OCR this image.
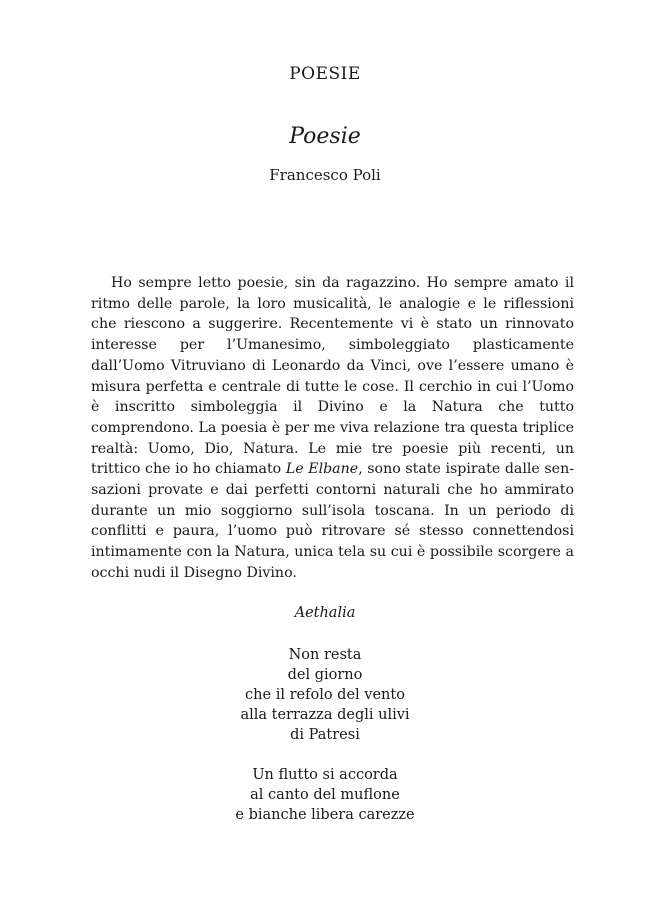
POESIE
Poesie
Francesco Poli

Ho sempre letto poesie, sin da ragazzino. Ho sempre amato il ritmo delle parole, la loro musicalità, le analogie e le riflessioni che riescono a suggerire. Recentemente vi è stato un rinnovato interesse per l’Umanesimo, simboleggiato plasticamente dall’Uomo Vitruviano di Leonardo da Vinci, ove l’essere umano è misura perfetta e centrale di tutte le cose. Il cerchio in cui l’Uomo è inscritto simboleggia il Divino e la Natura che tutto comprendono. La poesia è per me viva relazione tra questa triplice realtà: Uomo, Dio, Natura. Le mie tre poesie più recenti, un trittico che io ho chiamato Le Elbane, sono state ispirate dalle sensazioni provate e dai perfetti contorni naturali che ho ammirato durante un mio soggiorno sull’isola toscana. In un periodo di conflitti e paura, l’uomo può ritrovare sé stesso connettendosi intimamente con la Natura, unica tela su cui è possibile scorgere a occhi nudi il Disegno Divino.

Aethalia
Non resta
del giorno
che il refolo del vento
alla terrazza degli ulivi
di Patresi
Un flutto si accorda
al canto del muflone
e bianche libera carezze
